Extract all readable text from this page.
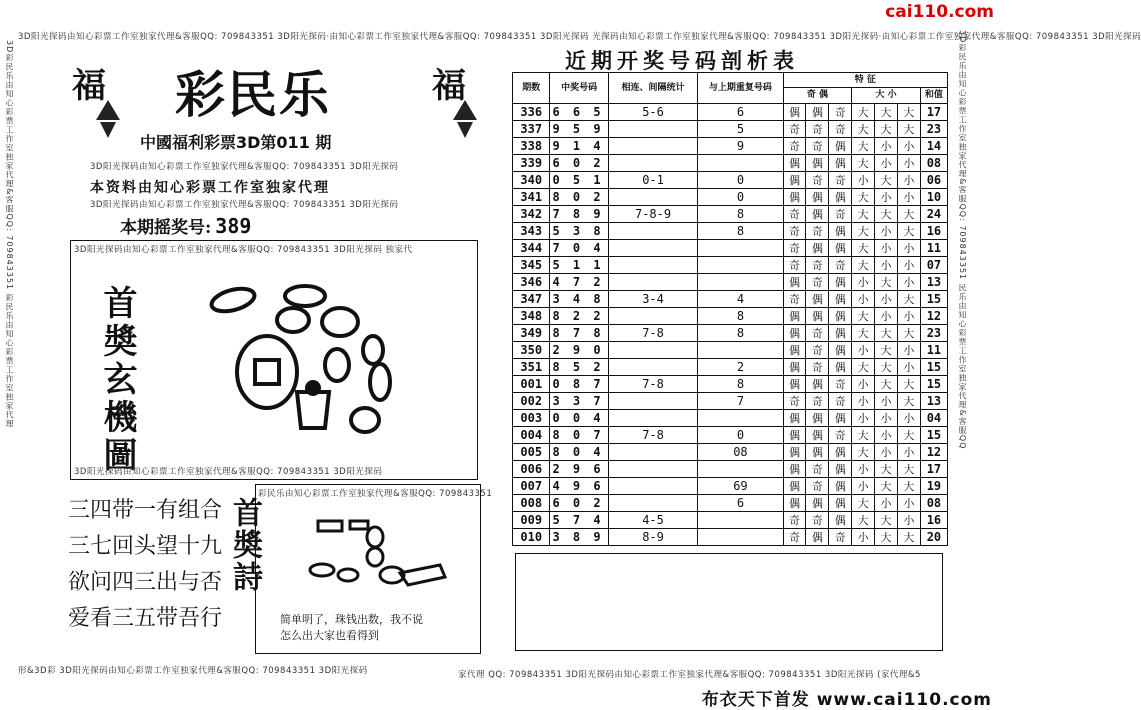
cai110.com
3D阳光探码由知心彩票工作室独家代理&客服QQ: 709843351 3D阳光探码·由知心彩票工作室独家代理&客服QQ: 709843351 3D阳光探码 光探码由知心彩票工作室独家代理&客服QQ: 709843351 3D阳光探码·由知心彩票工作室独家代理&客服QQ: 709843351 3D阳光探码
3D彩民乐由知心彩票工作室独家代理&客服QQ: 709843351 彩民乐由知心彩票工作室独家代理	3D彩民乐由知心彩票工作室独家代理&客服QQ: 709843351 民乐由知心彩票工作室独家代理&客服QQ
福	福
彩民乐
中國福利彩票3D第011 期
3D阳光探码由知心彩票工作室独家代理&客服QQ: 709843351 3D阳光探码
本资料由知心彩票工作室独家代理
3D阳光探码由知心彩票工作室独家代理&客服QQ: 709843351 3D阳光探码
本期摇奖号: 389
3D阳光探码由知心彩票工作室独家代理&客服QQ: 709843351 3D阳光探码 独家代
首奬玄機圖
3D阳光探码由知心彩票工作室独家代理&客服QQ: 709843351 3D阳光探码
三四带一有组合
三七回头望十九
欲问四三出与否
爱看三五带吾行
首奬詩
彩民乐由知心彩票工作室独家代理&客服QQ: 709843351
简单明了，珠钱出数，我不说
怎么出大家也看得到
形&3D彩 3D阳光探码由知心彩票工作室独家代理&客服QQ: 709843351 3D阳光探码	家代理 QQ: 709843351 3D阳光探码由知心彩票工作室独家代理&客服QQ: 709843351 3D阳光探码 (家代理&5
近期开奖号码剖析表
期数	中奖号码	相连、间隔统计	与上期重复号码	特 征						
				奇 偶			大 小			和值
336	6 6 5	5-6	6	偶	偶	奇	大	大	大	17
337	9 5 9		5	奇	奇	奇	大	大	大	23
338	9 1 4		9	奇	奇	偶	大	小	小	14
339	6 0 2			偶	偶	偶	大	小	小	08
340	0 5 1	0-1	0	偶	奇	奇	小	大	小	06
341	8 0 2		0	偶	偶	偶	大	小	小	10
342	7 8 9	7-8-9	8	奇	偶	奇	大	大	大	24
343	5 3 8		8	奇	奇	偶	大	小	大	16
344	7 0 4			奇	偶	偶	大	小	小	11
345	5 1 1			奇	奇	奇	大	小	小	07
346	4 7 2			偶	奇	偶	小	大	小	13
347	3 4 8	3-4	4	奇	偶	偶	小	小	大	15
348	8 2 2		8	偶	偶	偶	大	小	小	12
349	8 7 8	7-8	8	偶	奇	偶	大	大	大	23
350	2 9 0			偶	奇	偶	小	大	小	11
351	8 5 2		2	偶	奇	偶	大	大	小	15
001	0 8 7	7-8	8	偶	偶	奇	小	大	大	15
002	3 3 7		7	奇	奇	奇	小	小	大	13
003	0 0 4			偶	偶	偶	小	小	小	04
004	8 0 7	7-8	0	偶	偶	奇	大	小	大	15
005	8 0 4		08	偶	偶	偶	大	小	小	12
006	2 9 6			偶	奇	偶	小	大	大	17
007	4 9 6		69	偶	奇	偶	小	大	大	19
008	6 0 2		6	偶	偶	偶	大	小	小	08
009	5 7 4	4-5		奇	奇	偶	大	大	小	16
010	3 8 9	8-9		奇	偶	奇	小	大	大	20
布衣天下首发 www.cai110.com
